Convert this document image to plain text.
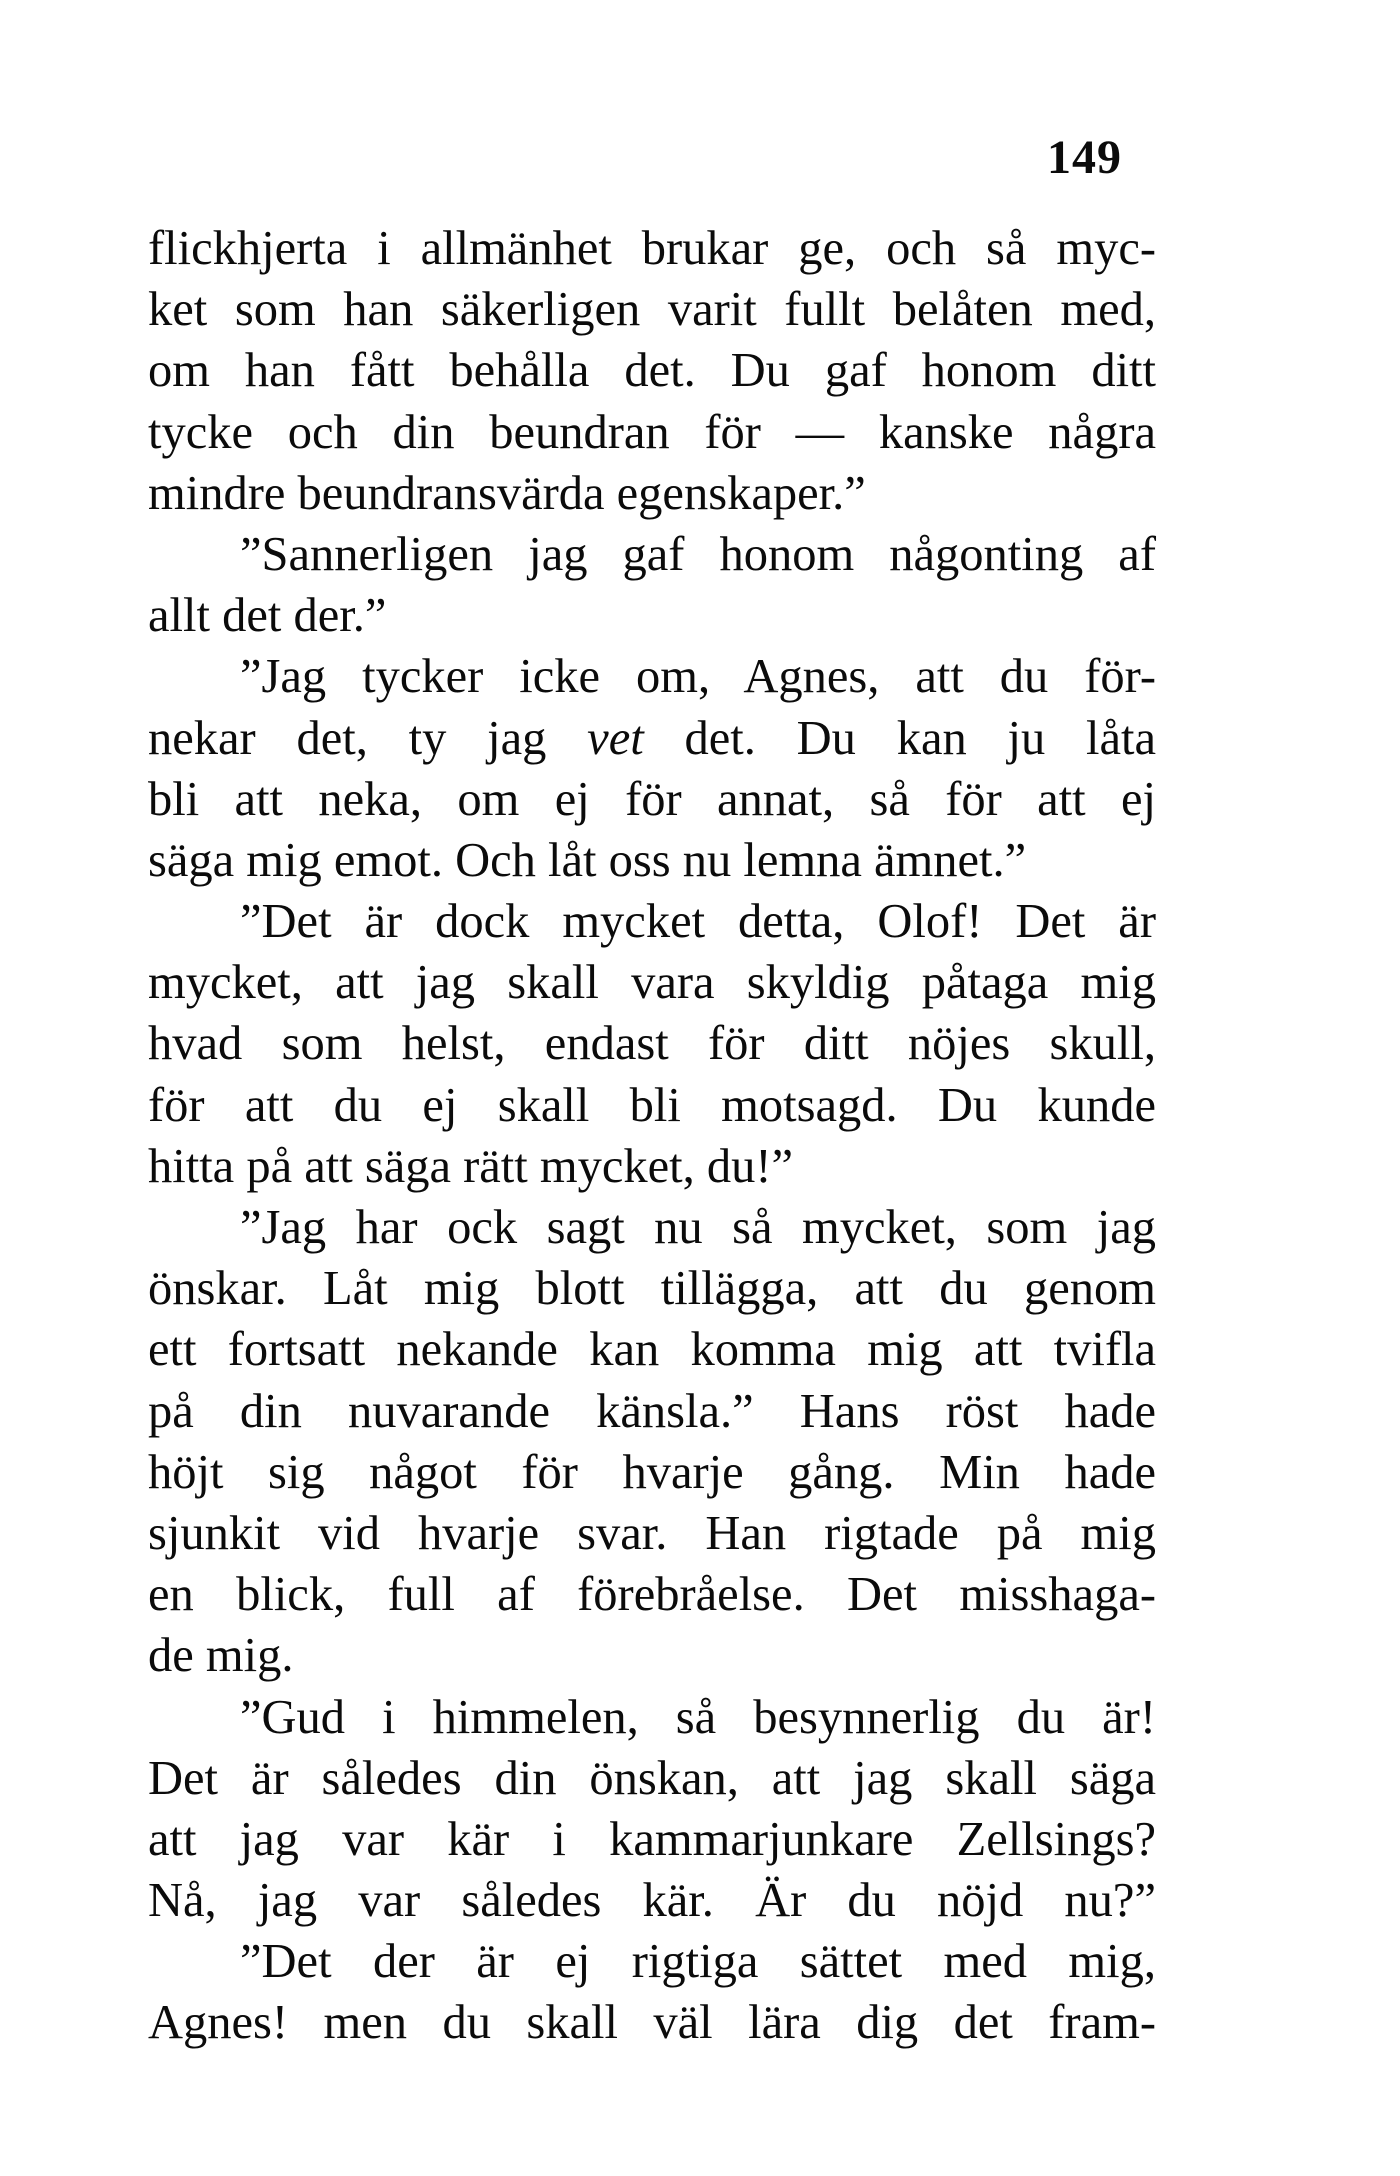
149
flickhjerta i allmänhet brukar ge, och så myc-
ket som han säkerligen varit fullt belåten med,
om han fått behålla det. Du gaf honom ditt
tycke och din beundran för — kanske några
mindre beundransvärda egenskaper.”
”Sannerligen jag gaf honom någonting af
allt det der.”
”Jag tycker icke om, Agnes, att du för-
nekar det, ty jag vet det. Du kan ju låta
bli att neka, om ej för annat, så för att ej
säga mig emot. Och låt oss nu lemna ämnet.”
”Det är dock mycket detta, Olof! Det är
mycket, att jag skall vara skyldig påtaga mig
hvad som helst, endast för ditt nöjes skull,
för att du ej skall bli motsagd. Du kunde
hitta på att säga rätt mycket, du!”
”Jag har ock sagt nu så mycket, som jag
önskar. Låt mig blott tillägga, att du genom
ett fortsatt nekande kan komma mig att tvifla
på din nuvarande känsla.” Hans röst hade
höjt sig något för hvarje gång. Min hade
sjunkit vid hvarje svar. Han rigtade på mig
en blick, full af förebråelse. Det misshaga-
de mig.
”Gud i himmelen, så besynnerlig du är!
Det är således din önskan, att jag skall säga
att jag var kär i kammarjunkare Zellsings?
Nå, jag var således kär. Är du nöjd nu?”
”Det der är ej rigtiga sättet med mig,
Agnes! men du skall väl lära dig det fram-
